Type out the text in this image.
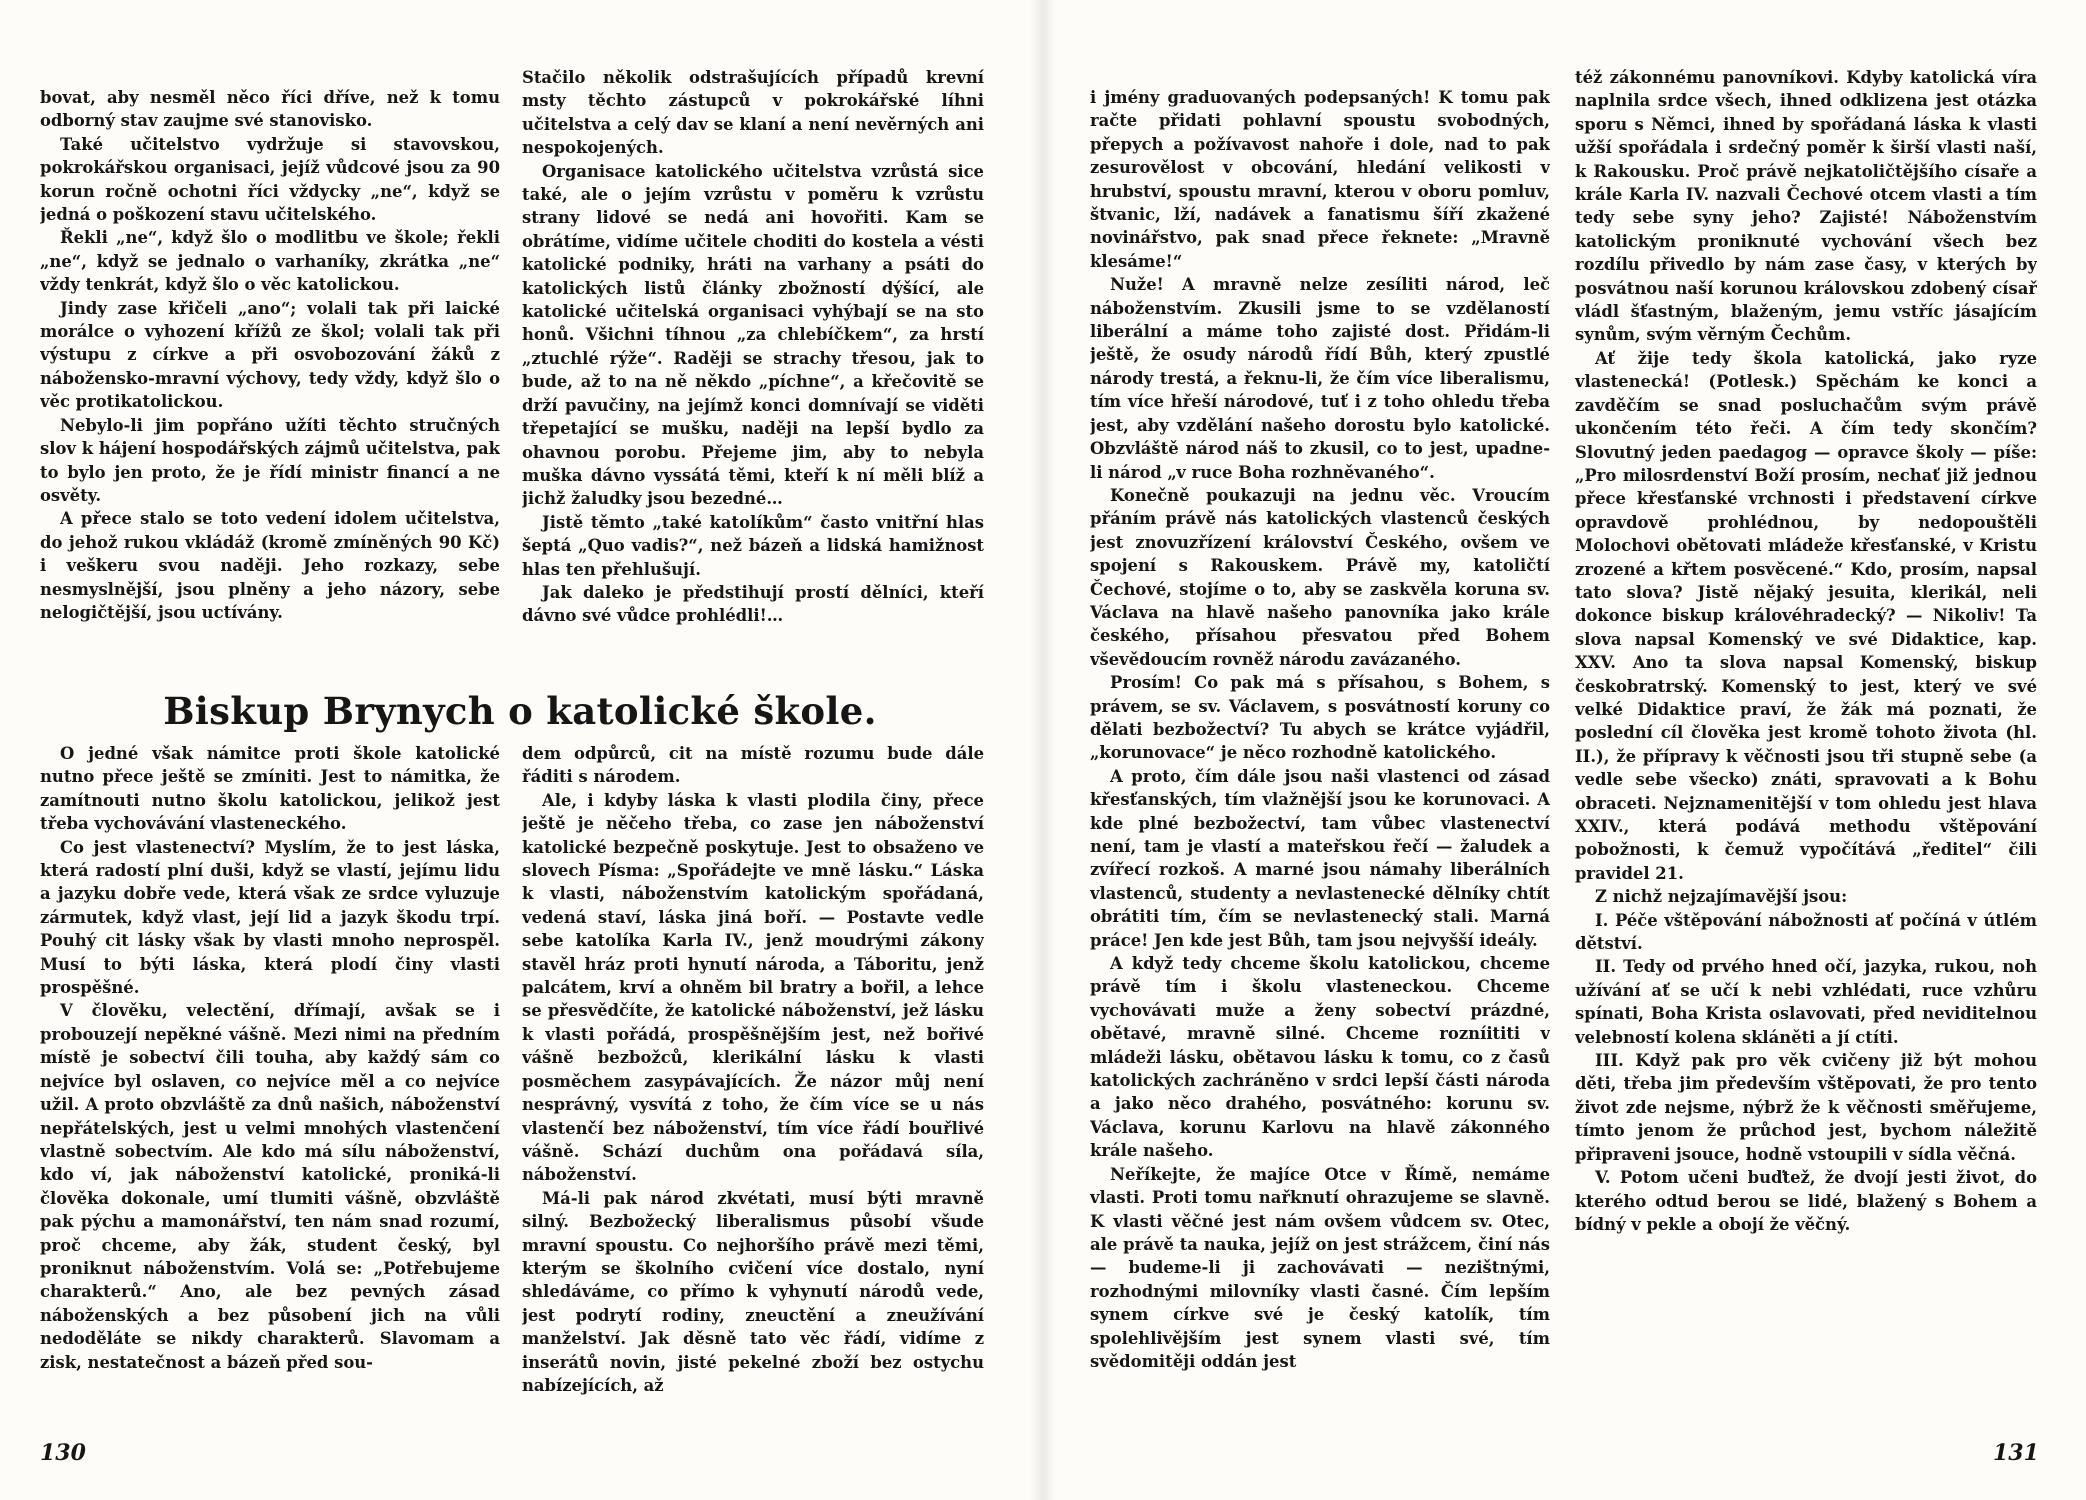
bovat, aby nesměl něco říci dříve, než k tomu odborný stav zaujme své stanovisko.

Také učitelstvo vydržuje si stavovskou, pokrokářskou organisaci, jejíž vůdcové jsou za 90 korun ročně ochotni říci vždycky „ne“, když se jedná o poškození stavu učitelského.

Řekli „ne“, když šlo o modlitbu ve škole; řekli „ne“, když se jednalo o varhaníky, zkrátka „ne“ vždy tenkrát, když šlo o věc katolickou.

Jindy zase křičeli „ano“; volali tak při laické morálce o vyhození křížů ze škol; volali tak při výstupu z církve a při osvobozování žáků z nábožensko-mravní výchovy, tedy vždy, když šlo o věc protikatolickou.

Nebylo-li jim popřáno užíti těchto stručných slov k hájení hospodářských zájmů učitelstva, pak to bylo jen proto, že je řídí ministr financí a ne osvěty.

A přece stalo se toto vedení idolem učitelstva, do jehož rukou vkládáž (kromě zmíněných 90 Kč) i veškeru svou naději. Jeho rozkazy, sebe nesmyslnější, jsou plněny a jeho názory, sebe nelogičtější, jsou uctívány.

Stačilo několik odstrašujících případů krevní msty těchto zástupců v pokrokářské líhni učitelstva a celý dav se klaní a není nevěrných ani nespokojených.

Organisace katolického učitelstva vzrůstá sice také, ale o jejím vzrůstu v poměru k vzrůstu strany lidové se nedá ani hovořiti. Kam se obrátíme, vidíme učitele choditi do kostela a vésti katolické podniky, hráti na varhany a psáti do katolických listů články zbožností dýšící, ale katolické učitelská organisaci vyhýbají se na sto honů. Všichni tíhnou „za chlebíčkem“, za hrstí „ztuchlé rýže“. Raději se strachy třesou, jak to bude, až to na ně někdo „píchne“, a křečovitě se drží pavučiny, na jejímž konci domnívají se viděti třepetající se mušku, naději na lepší bydlo za ohavnou porobu. Přejeme jim, aby to nebyla muška dávno vyssátá těmi, kteří k ní měli blíž a jichž žaludky jsou bezedné…

Jistě těmto „také katolíkům“ často vnitřní hlas šeptá „Quo vadis?“, než bázeň a lidská hamižnost hlas ten přehlušují.

Jak daleko je předstihují prostí dělníci, kteří dávno své vůdce prohlédli!…

Biskup Brynych o katolické škole.

O jedné však námitce proti škole katolické nutno přece ještě se zmíniti. Jest to námitka, že zamítnouti nutno školu katolickou, jelikož jest třeba vychovávání vlasteneckého.

Co jest vlastenectví? Myslím, že to jest láska, která radostí plní duši, když se vlastí, jejímu lidu a jazyku dobře vede, která však ze srdce vyluzuje zármutek, když vlast, její lid a jazyk škodu trpí. Pouhý cit lásky však by vlasti mnoho neprospěl. Musí to býti láska, která plodí činy vlasti prospěšné.

V člověku, velectění, dřímají, avšak se i probouzejí nepěkné vášně. Mezi nimi na předním místě je sobectví čili touha, aby každý sám co nejvíce byl oslaven, co nejvíce měl a co nejvíce užil. A proto obzvláště za dnů našich, náboženství nepřátelských, jest u velmi mnohých vlastenčení vlastně sobectvím. Ale kdo má sílu náboženství, kdo ví, jak náboženství katolické, proniká-li člověka dokonale, umí tlumiti vášně, obzvláště pak pýchu a mamonářství, ten nám snad rozumí, proč chceme, aby žák, student český, byl proniknut náboženstvím. Volá se: „Potřebujeme charakterů.“ Ano, ale bez pevných zásad náboženských a bez působení jich na vůli nedoděláte se nikdy charakterů. Slavomam a zisk, nestatečnost a bázeň před sou-

dem odpůrců, cit na místě rozumu bude dále řáditi s národem.

Ale, i kdyby láska k vlasti plodila činy, přece ještě je něčeho třeba, co zase jen náboženství katolické bezpečně poskytuje. Jest to obsaženo ve slovech Písma: „Spořádejte ve mně lásku.“ Láska k vlasti, náboženstvím katolickým spořádaná, vedená staví, láska jiná boří. — Postavte vedle sebe katolíka Karla IV., jenž moudrými zákony stavěl hráz proti hynutí národa, a Táboritu, jenž palcátem, krví a ohněm bil bratry a bořil, a lehce se přesvědčíte, že katolické náboženství, jež lásku k vlasti pořádá, prospěšnějším jest, než bořivé vášně bezbožců, klerikální lásku k vlasti posměchem zasypávajících. Že názor můj není nesprávný, vysvítá z toho, že čím více se u nás vlastenčí bez náboženství, tím více řádí bouřlivé vášně. Schází duchům ona pořádavá síla, náboženství.

Má-li pak národ zkvétati, musí býti mravně silný. Bezbožecký liberalismus působí všude mravní spoustu. Co nejhoršího právě mezi těmi, kterým se školního cvičení více dostalo, nyní shledáváme, co přímo k vyhynutí národů vede, jest podrytí rodiny, zneuctění a zneužívání manželství. Jak děsně tato věc řádí, vidíme z inserátů novin, jisté pekelné zboží bez ostychu nabízejících, až

130

i jmény graduovaných podepsaných! K tomu pak račte přidati pohlavní spoustu svobodných, přepych a požívavost nahoře i dole, nad to pak zesurovělost v obcování, hledání velikosti v hrubství, spoustu mravní, kterou v oboru pomluv, štvanic, lží, nadávek a fanatismu šíří zkažené novinářstvo, pak snad přece řeknete: „Mravně klesáme!“

Nuže! A mravně nelze zesíliti národ, leč náboženstvím. Zkusili jsme to se vzdělaností liberální a máme toho zajisté dost. Přidám-li ještě, že osudy národů řídí Bůh, který zpustlé národy trestá, a řeknu-li, že čím více liberalismu, tím více hřeší národové, tuť i z toho ohledu třeba jest, aby vzdělání našeho dorostu bylo katolické. Obzvláště národ náš to zkusil, co to jest, upadne-li národ „v ruce Boha rozhněvaného“.

Konečně poukazuji na jednu věc. Vroucím přáním právě nás katolických vlastenců českých jest znovuzřízení království Českého, ovšem ve spojení s Rakouskem. Právě my, katoličtí Čechové, stojíme o to, aby se zaskvěla koruna sv. Václava na hlavě našeho panovníka jako krále českého, přísahou přesvatou před Bohem vševědoucím rovněž národu zavázaného.

Prosím! Co pak má s přísahou, s Bohem, s právem, se sv. Václavem, s posvátností koruny co dělati bezbožectví? Tu abych se krátce vyjádřil, „korunovace“ je něco rozhodně katolického.

A proto, čím dále jsou naši vlastenci od zásad křesťanských, tím vlažnější jsou ke korunovaci. A kde plné bezbožectví, tam vůbec vlastenectví není, tam je vlastí a mateřskou řečí — žaludek a zvířecí rozkoš. A marné jsou námahy liberálních vlastenců, studenty a nevlastenecké dělníky chtít obrátiti tím, čím se nevlastenecký stali. Marná práce! Jen kde jest Bůh, tam jsou nejvyšší ideály.

A když tedy chceme školu katolickou, chceme právě tím i školu vlasteneckou. Chceme vychovávati muže a ženy sobectví prázdné, obětavé, mravně silné. Chceme rozníititi v mládeži lásku, obětavou lásku k tomu, co z časů katolických zachráněno v srdci lepší části národa a jako něco drahého, posvátného: korunu sv. Václava, korunu Karlovu na hlavě zákonného krále našeho.

Neříkejte, že majíce Otce v Římě, nemáme vlasti. Proti tomu nařknutí ohrazujeme se slavně. K vlasti věčné jest nám ovšem vůdcem sv. Otec, ale právě ta nauka, jejíž on jest strážcem, činí nás — budeme-li ji zachovávati — nezištnými, rozhodnými milovníky vlasti časné. Čím lepším synem církve své je český katolík, tím spolehlivějším jest synem vlasti své, tím svědomitěji oddán jest

též zákonnému panovníkovi. Kdyby katolická víra naplnila srdce všech, ihned odklizena jest otázka sporu s Němci, ihned by spořádaná láska k vlasti užší spořádala i srdečný poměr k širší vlasti naší, k Rakousku. Proč právě nejkatoličtějšího císaře a krále Karla IV. nazvali Čechové otcem vlasti a tím tedy sebe syny jeho? Zajisté! Náboženstvím katolickým proniknuté vychování všech bez rozdílu přivedlo by nám zase časy, v kterých by posvátnou naší korunou královskou zdobený císař vládl šťastným, blaženým, jemu vstříc jásajícím synům, svým věrným Čechům.

Ať žije tedy škola katolická, jako ryze vlastenecká! (Potlesk.) Spěchám ke konci a zavděčím se snad posluchačům svým právě ukončením této řeči. A čím tedy skončím? Slovutný jeden paedagog — opravce školy — píše: „Pro milosrdenství Boží prosím, nechať již jednou přece křesťanské vrchnosti i představení církve opravdově prohlédnou, by nedopouštěli Molochovi obětovati mládeže křesťanské, v Kristu zrozené a křtem posvěcené.“ Kdo, prosím, napsal tato slova? Jistě nějaký jesuita, klerikál, neli dokonce biskup královéhradecký? — Nikoliv! Ta slova napsal Komenský ve své Didaktice, kap. XXV. Ano ta slova napsal Komenský, biskup českobratrský. Komenský to jest, který ve své velké Didaktice praví, že žák má poznati, že poslední cíl člověka jest kromě tohoto života (hl. II.), že přípravy k věčnosti jsou tři stupně sebe (a vedle sebe všecko) znáti, spravovati a k Bohu obraceti. Nejznamenitější v tom ohledu jest hlava XXIV., která podává methodu vštěpování pobožnosti, k čemuž vypočítává „ředitel“ čili pravidel 21.

Z nichž nejzajímavější jsou:

I. Péče vštěpování nábožnosti ať počíná v útlém dětství.

II. Tedy od prvého hned očí, jazyka, rukou, noh užívání ať se učí k nebi vzhlédati, ruce vzhůru spínati, Boha Krista oslavovati, před neviditelnou velebností kolena skláněti a jí ctíti.

III. Když pak pro věk cvičeny již být mohou děti, třeba jim především vštěpovati, že pro tento život zde nejsme, nýbrž že k věčnosti směřujeme, tímto jenom že průchod jest, bychom náležitě připraveni jsouce, hodně vstoupili v sídla věčná.

V. Potom učeni buďtež, že dvojí jesti život, do kterého odtud berou se lidé, blažený s Bohem a bídný v pekle a obojí že věčný.

131
